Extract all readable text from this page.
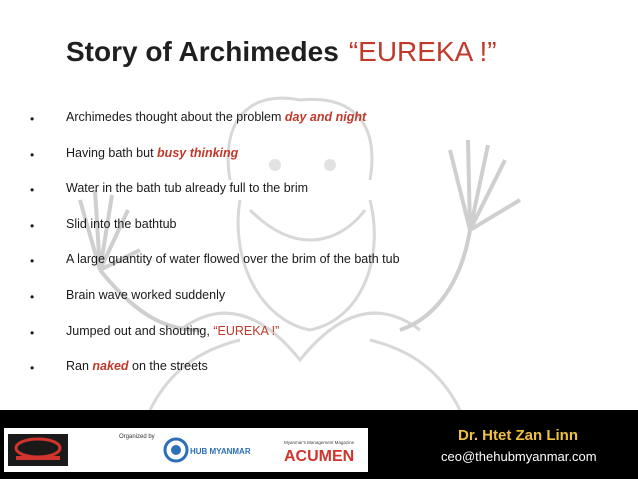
Story of Archimedes “EUREKA !”
•	Archimedes thought about the problem day and night
•	Having bath but busy thinking
•	Water in the bath tub already full to the brim
•	Slid into the bathtub
•	A large quantity of water flowed over the brim of the bath tub
•	Brain wave worked suddenly
•	Jumped out and shouting, “EUREKA !”
•	Ran naked on the streets
Organized by
HUB MYANMAR
Myanmar's Management Magazine
ACUMEN
Dr. Htet Zan Linn
ceo@thehubmyanmar.com
